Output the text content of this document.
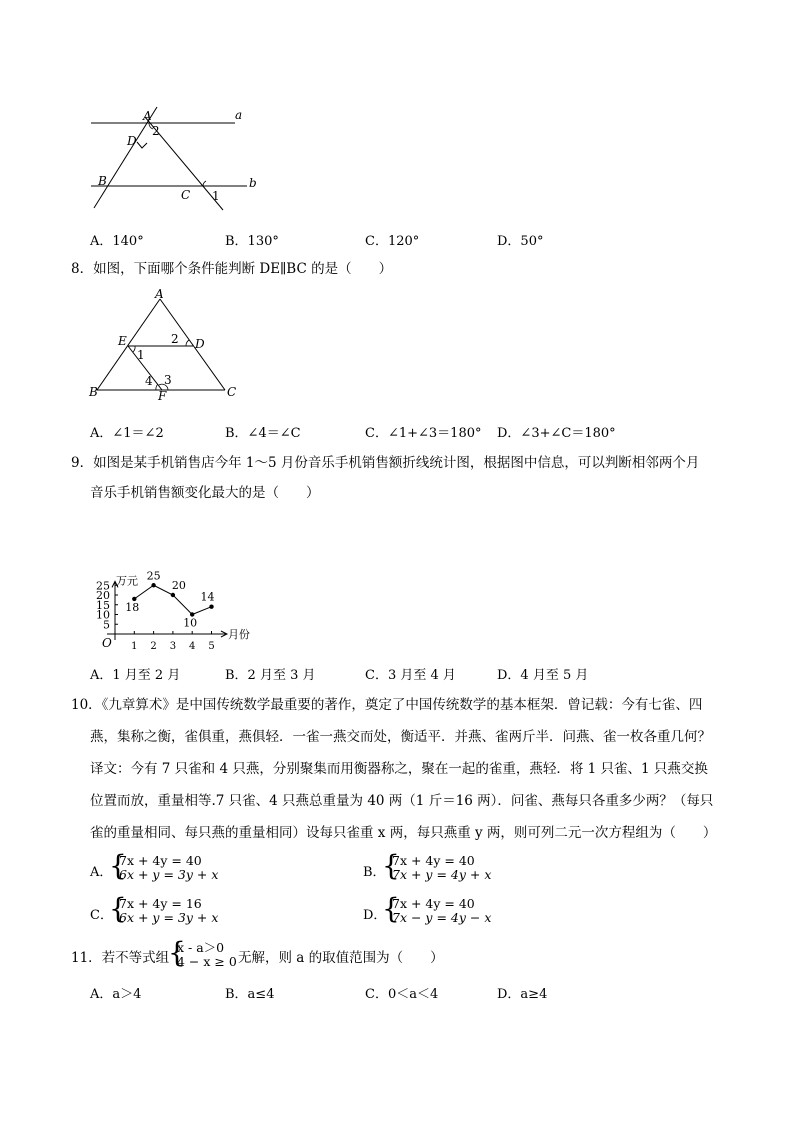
A	a
2
D
B	b
C 1
A．140°	B．130°	C．120°	D．50°
8．如图，下面哪个条件能判断 DE∥BC 的是（　　）
A
E	2 D
1
4 3
B	F	C
A．∠1＝∠2	B．∠4＝∠C	C．∠1+∠3＝180° D．∠3+∠C＝180°
9．如图是某手机销售店今年 1～5 月份音乐手机销售额折线统计图，根据图中信息，可以判断相邻两个月
音乐手机销售额变化最大的是（　　）
万元
月份
O
5
10
15
20
25
1 2 3 4 5
18
25
20
10
14
A．1 月至 2 月	B．2 月至 3 月	C．3 月至 4 月	D．4 月至 5 月
10．《九章算术》是中国传统数学最重要的著作，奠定了中国传统数学的基本框架．曾记载：今有七雀、四
燕，集称之衡，雀俱重，燕俱轻．一雀一燕交而处，衡适平．并燕、雀两斤半．问燕、雀一枚各重几何？
译文：今有 7 只雀和 4 只燕，分别聚集而用衡器称之，聚在一起的雀重，燕轻．将 1 只雀、1 只燕交换
位置而放，重量相等.7 只雀、4 只燕总重量为 40 两（1 斤＝16 两）．问雀、燕每只各重多少两？（每只
雀的重量相同、每只燕的重量相同）设每只雀重 x 两，每只燕重 y 两，则可列二元一次方程组为（　　）
A．
{
7x + 4y = 40
6x + y = 3y + x	B．
{
7x + 4y = 40
7x + y = 4y + x
C．
{
7x + 4y = 16
6x + y = 3y + x	D．
{
7x + 4y = 40
7x − y = 4y − x
11．若不等式组
{
x - a＞0
4 − x ≥ 0 无解，则 a 的取值范围为（　　）
A．a＞4	B．a≤4	C．0＜a＜4	D．a≥4
